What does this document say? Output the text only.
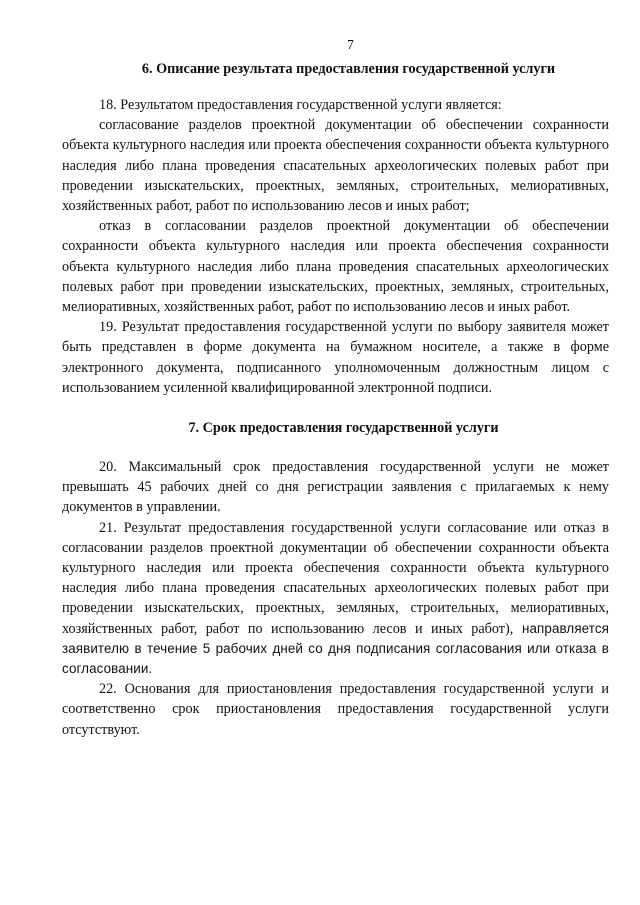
7
6. Описание результата предоставления государственной услуги

18. Результатом предоставления государственной услуги является:

согласование разделов проектной документации об обеспечении сохранности объекта культурного наследия или проекта обеспечения сохранности объекта культурного наследия либо плана проведения спасательных археологических полевых работ при проведении изыскательских, проектных, земляных, строительных, мелиоративных, хозяйственных работ, работ по использованию лесов и иных работ;

отказ в согласовании разделов проектной документации об обеспечении сохранности объекта культурного наследия или проекта обеспечения сохранности объекта культурного наследия либо плана проведения спасательных археологических полевых работ при проведении изыскательских, проектных, земляных, строительных, мелиоративных, хозяйственных работ, работ по использованию лесов и иных работ.

19. Результат предоставления государственной услуги по выбору заявителя может быть представлен в форме документа на бумажном носителе, а также в форме электронного документа, подписанного уполномоченным должностным лицом с использованием усиленной квалифицированной электронной подписи.

7. Срок предоставления государственной услуги

20. Максимальный срок предоставления государственной услуги не может превышать 45 рабочих дней со дня регистрации заявления с прилагаемых к нему документов в управлении.

21. Результат предоставления государственной услуги согласование или отказ в согласовании разделов проектной документации об обеспечении сохранности объекта культурного наследия или проекта обеспечения сохранности объекта культурного наследия либо плана проведения спасательных археологических полевых работ при проведении изыскательских, проектных, земляных, строительных, мелиоративных, хозяйственных работ, работ по использованию лесов и иных работ), направляется заявителю в течение 5 рабочих дней со дня подписания согласования или отказа в согласовании.

22. Основания для приостановления предоставления государственной услуги и соответственно срок приостановления предоставления государственной услуги отсутствуют.
